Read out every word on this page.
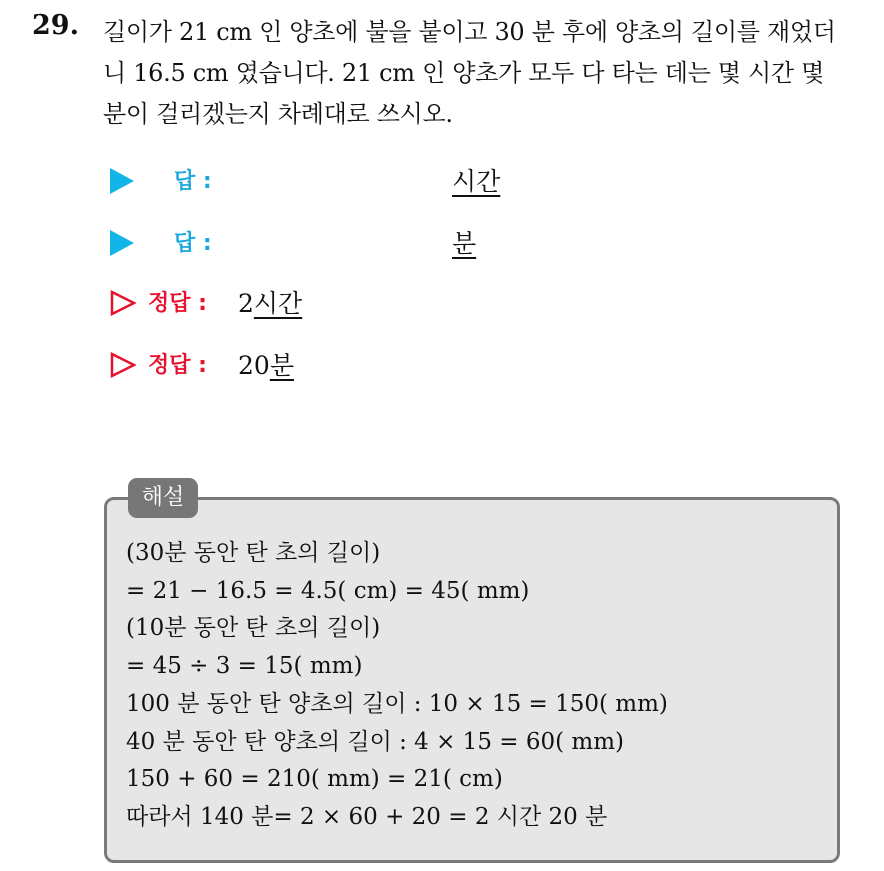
29. 길이가 21 cm 인 양초에 불을 붙이고 30 분 후에 양초의 길이를 재었더
니 16.5 cm 였습니다. 21 cm 인 양초가 모두 다 타는 데는 몇 시간 몇
분이 걸리겠는지 차례대로 쓰시오.
답 :	시간
답 :	분
정답 : 2시간
정답 : 20분
해설
(30분 동안 탄 초의 길이)
= 21 − 16.5 = 4.5( cm) = 45( mm)
(10분 동안 탄 초의 길이)
= 45 ÷ 3 = 15( mm)
100 분 동안 탄 양초의 길이 : 10 × 15 = 150( mm)
40 분 동안 탄 양초의 길이 : 4 × 15 = 60( mm)
150 + 60 = 210( mm) = 21( cm)
따라서 140 분= 2 × 60 + 20 = 2 시간 20 분
